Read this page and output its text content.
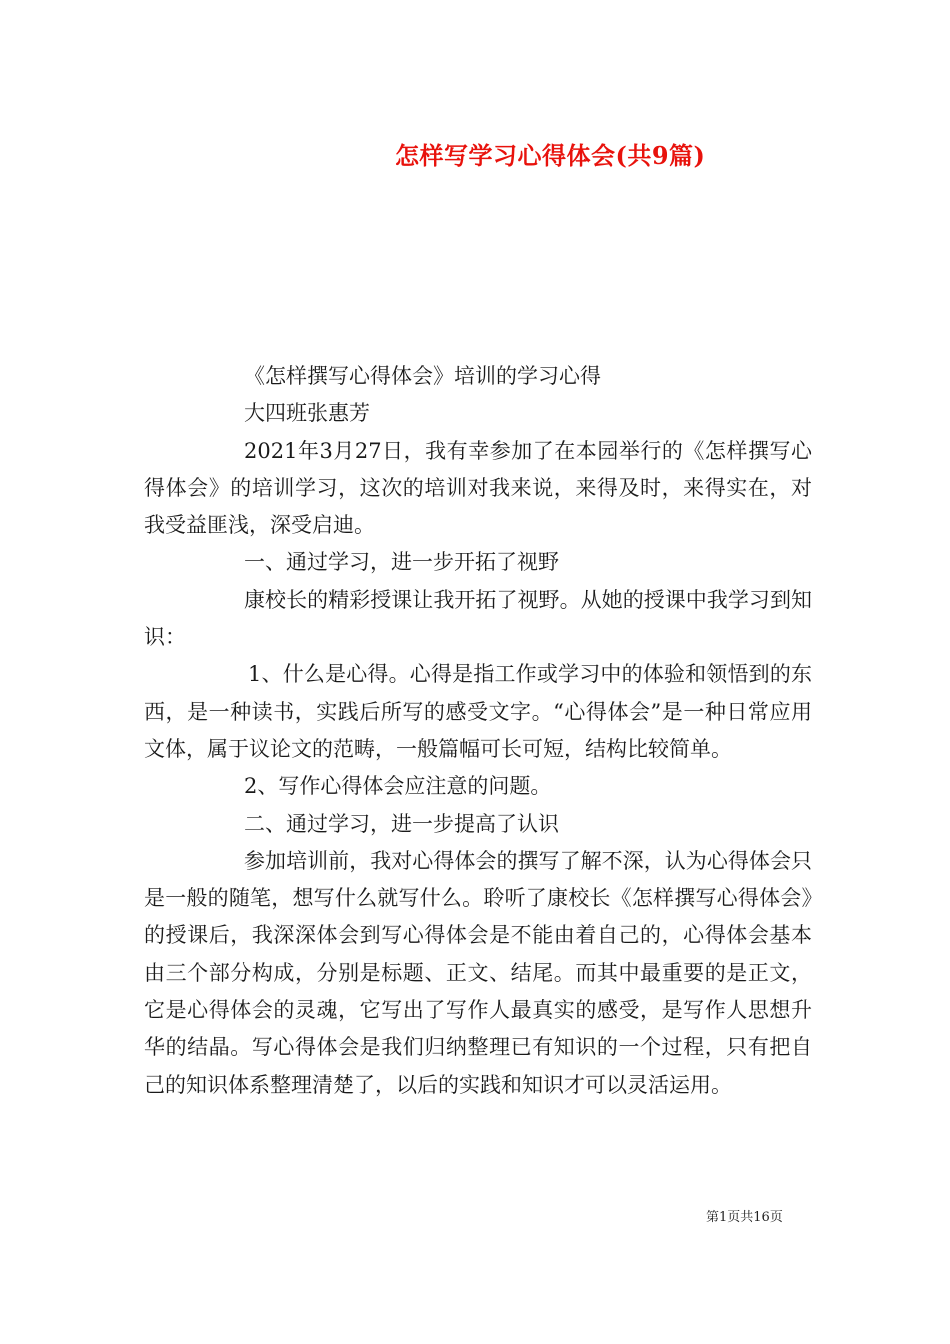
怎样写学习心得体会(共9篇)

《怎样撰写心得体会》培训的学习心得

大四班张惠芳

2021年3月27日，我有幸参加了在本园举行的《怎样撰写心得体会》的培训学习，这次的培训对我来说，来得及时，来得实在，对我受益匪浅，深受启迪。

一、通过学习，进一步开拓了视野

康校长的精彩授课让我开拓了视野。从她的授课中我学习到知识：

1、什么是心得。心得是指工作或学习中的体验和领悟到的东西，是一种读书，实践后所写的感受文字。“心得体会”是一种日常应用文体，属于议论文的范畴，一般篇幅可长可短，结构比较简单。

2、写作心得体会应注意的问题。

二、通过学习，进一步提高了认识

参加培训前，我对心得体会的撰写了解不深，认为心得体会只是一般的随笔，想写什么就写什么。聆听了康校长《怎样撰写心得体会》的授课后，我深深体会到写心得体会是不能由着自己的，心得体会基本由三个部分构成，分别是标题、正文、结尾。而其中最重要的是正文，它是心得体会的灵魂，它写出了写作人最真实的感受，是写作人思想升华的结晶。写心得体会是我们归纳整理已有知识的一个过程，只有把自己的知识体系整理清楚了，以后的实践和知识才可以灵活运用。

第1页共16页
